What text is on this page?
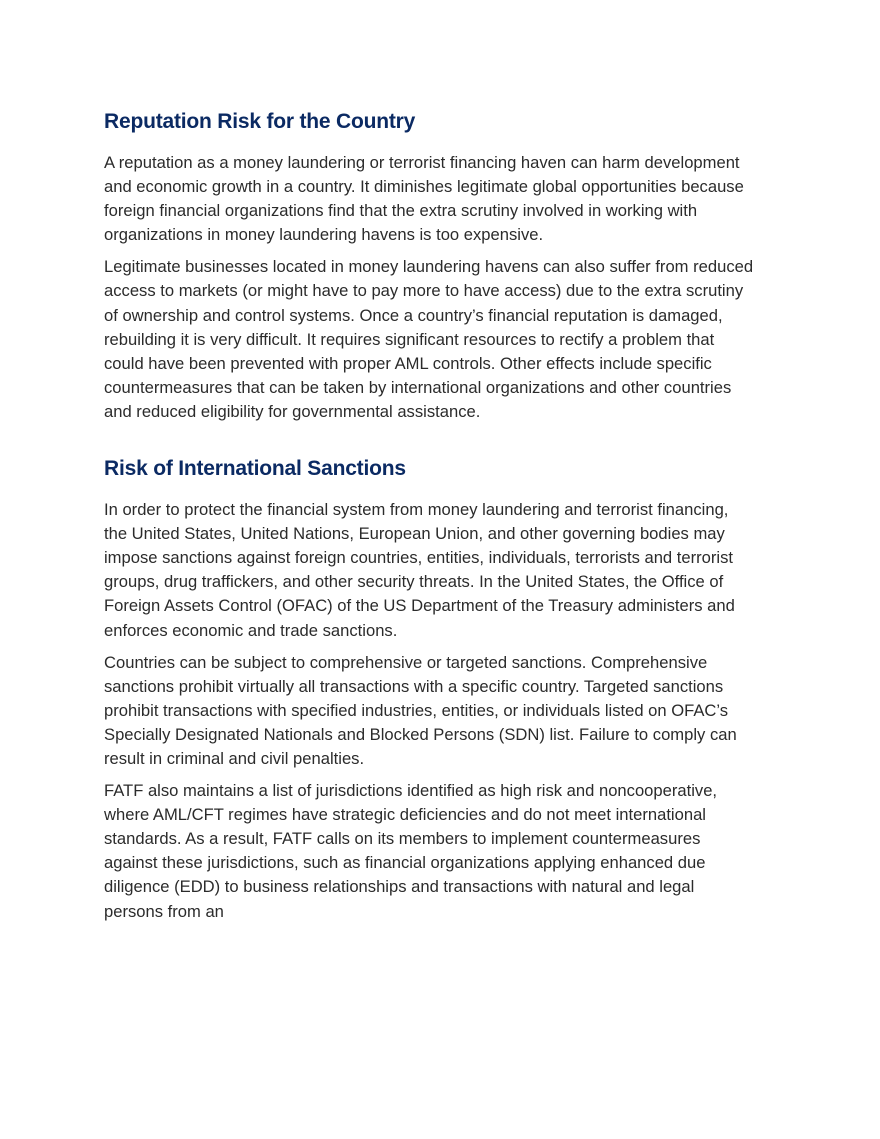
Reputation Risk for the Country

A reputation as a money laundering or terrorist financing haven can harm development and economic growth in a country. It diminishes legitimate global opportunities because foreign financial organizations find that the extra scrutiny involved in working with organizations in money laundering havens is too expensive.

Legitimate businesses located in money laundering havens can also suffer from reduced access to markets (or might have to pay more to have access) due to the extra scrutiny of ownership and control systems. Once a country’s financial reputation is damaged, rebuilding it is very difficult. It requires significant resources to rectify a problem that could have been prevented with proper AML controls. Other effects include specific countermeasures that can be taken by international organizations and other countries and reduced eligibility for governmental assistance.

Risk of International Sanctions

In order to protect the financial system from money laundering and terrorist financing, the United States, United Nations, European Union, and other governing bodies may impose sanctions against foreign countries, entities, individuals, terrorists and terrorist groups, drug traffickers, and other security threats. In the United States, the Office of Foreign Assets Control (OFAC) of the US Department of the Treasury administers and enforces economic and trade sanctions.

Countries can be subject to comprehensive or targeted sanctions. Comprehensive sanctions prohibit virtually all transactions with a specific country. Targeted sanctions prohibit transactions with specified industries, entities, or individuals listed on OFAC’s Specially Designated Nationals and Blocked Persons (SDN) list. Failure to comply can result in criminal and civil penalties.

FATF also maintains a list of jurisdictions identified as high risk and noncooperative, where AML/CFT regimes have strategic deficiencies and do not meet international standards. As a result, FATF calls on its members to implement countermeasures against these jurisdictions, such as financial organizations applying enhanced due diligence (EDD) to business relationships and transactions with natural and legal persons from an
